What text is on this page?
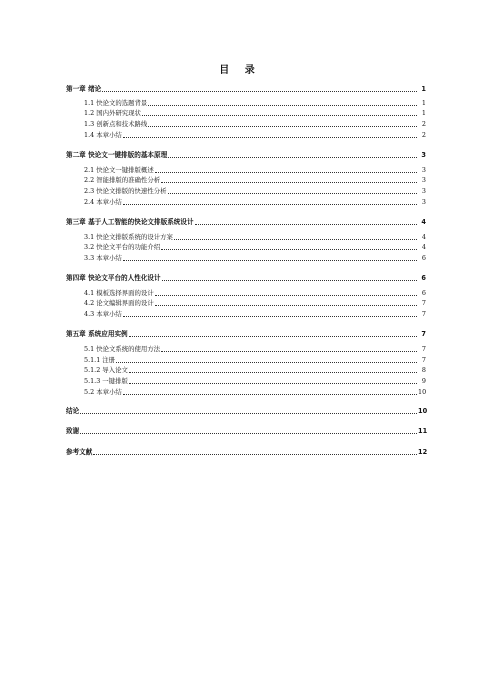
目 录
第一章 绪论	1
1.1 快论文的选题背景	1
1.2 国内外研究现状	1
1.3 创新点和技术路线	2
1.4 本章小结	2
第二章 快论文一键排版的基本原理	3
2.1 快论文一键排版概述	3
2.2 智能排版的准确性分析	3
2.3 快论文排版的快速性分析	3
2.4 本章小结	3
第三章 基于人工智能的快论文排版系统设计	4
3.1 快论文排版系统的设计方案	4
3.2 快论文平台的功能介绍	4
3.3 本章小结	6
第四章 快论文平台的人性化设计	6
4.1 模板选择界面的设计	6
4.2 论文编辑界面的设计	7
4.3 本章小结	7
第五章 系统应用实例	7
5.1 快论文系统的使用方法	7
5.1.1 注册	7
5.1.2 导入论文	8
5.1.3 一键排版	9
5.2 本章小结	10
结论	10
致谢	11
参考文献	12
